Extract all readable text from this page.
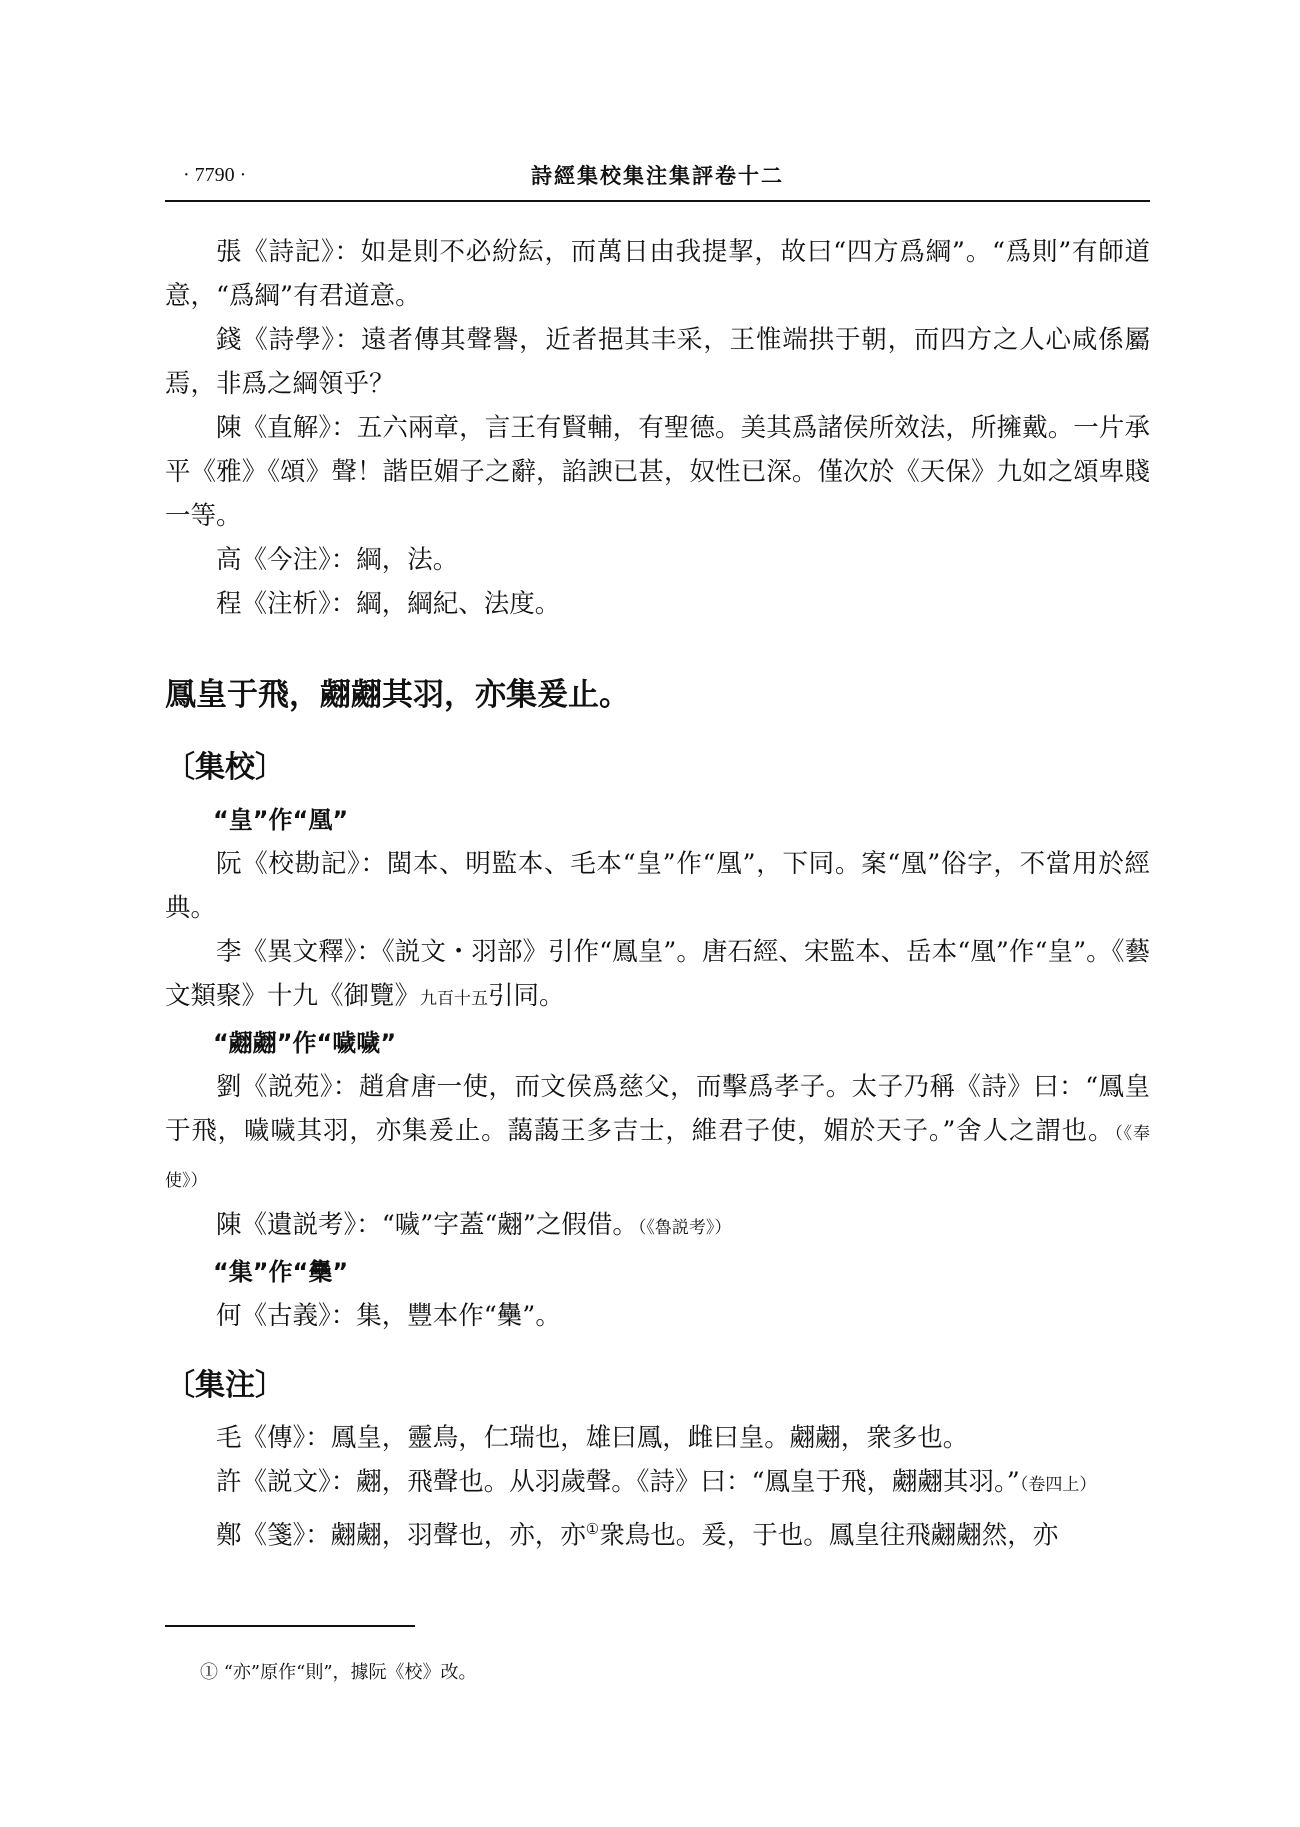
· 7790 ·	詩經集校集注集評卷十二

張《詩記》：如是則不必紛紜，而萬日由我提挈，故曰“四方爲綱”。“爲則”有師道意，“爲綱”有君道意。

錢《詩學》：遠者傳其聲譽，近者挹其丰采，王惟端拱于朝，而四方之人心咸係屬焉，非爲之綱領乎？

陳《直解》：五六兩章，言王有賢輔，有聖德。美其爲諸侯所效法，所擁戴。一片承平《雅》《頌》聲！諧臣媚子之辭，諂諛已甚，奴性已深。僅次於《天保》九如之頌卑賤一等。

高《今注》：綱，法。

程《注析》：綱，綱紀、法度。

鳳皇于飛，翽翽其羽，亦集爰止。

〔集校〕

“皇”作“凰”

阮《校勘記》：閩本、明監本、毛本“皇”作“凰”，下同。案“凰”俗字，不當用於經典。

李《異文釋》：《説文・羽部》引作“鳳皇”。唐石經、宋監本、岳本“凰”作“皇”。《藝文類聚》十九《御覽》九百十五引同。

“翽翽”作“噦噦”

劉《説苑》：趙倉唐一使，而文侯爲慈父，而擊爲孝子。太子乃稱《詩》曰：“鳳皇于飛，噦噦其羽，亦集爰止。藹藹王多吉士，維君子使，媚於天子。”舍人之謂也。（《奉使》）

陳《遺説考》：“噦”字蓋“翽”之假借。（《魯説考》）

“集”作“雧”

何《古義》：集，豐本作“雧”。

〔集注〕

毛《傳》：鳳皇，靈鳥，仁瑞也，雄曰鳳，雌曰皇。翽翽，衆多也。

許《説文》：翽，飛聲也。从羽歲聲。《詩》曰：“鳳皇于飛，翽翽其羽。”（卷四上）

鄭《箋》：翽翽，羽聲也，亦，亦①衆鳥也。爰，于也。鳳皇往飛翽翽然，亦

① “亦”原作“則”，據阮《校》改。
